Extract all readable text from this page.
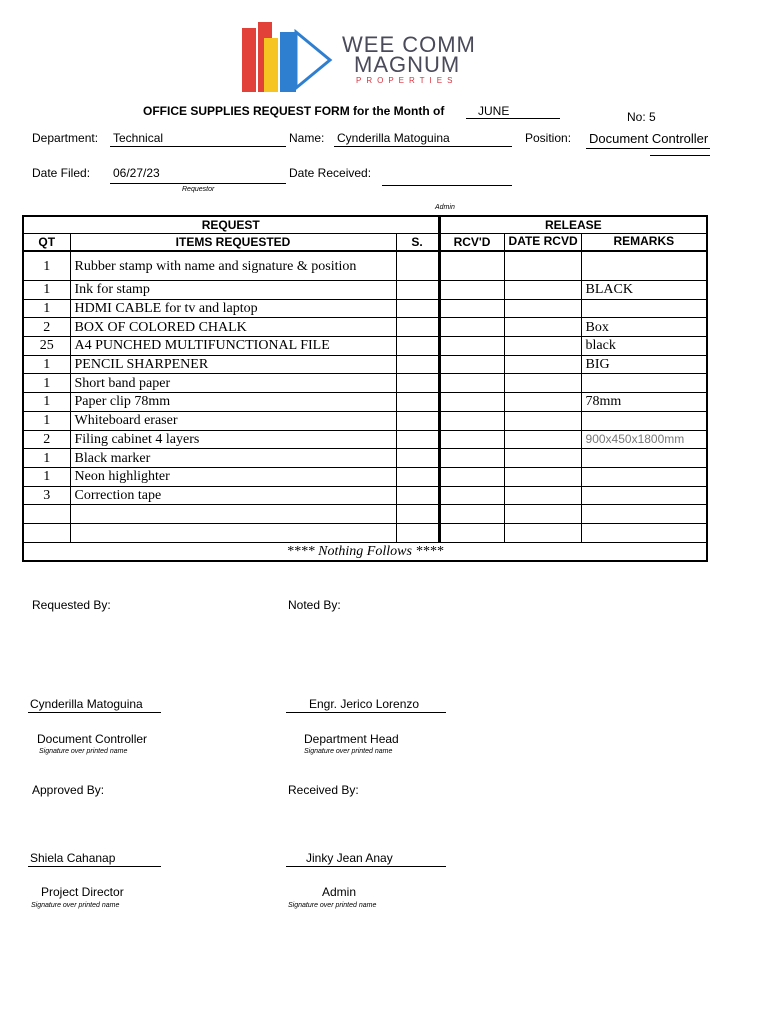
WEE COMM
MAGNUM
PROPERTIES
OFFICE SUPPLIES REQUEST FORM for the Month of	JUNE	No: 5
Department: Technical	Name: Cynderilla Matoguina	Position: Document Controller
Date Filed: 06/27/23
Requestor
Date Received:
Admin
REQUEST			RELEASE		
QT	ITEMS REQUESTED	S.	RCV'D	DATE RCVD	REMARKS
1	Rubber stamp with name and signature & position				
1	Ink for stamp				BLACK
1	HDMI CABLE for tv and laptop				
2	BOX OF COLORED CHALK				Box
25	A4 PUNCHED MULTIFUNCTIONAL FILE				black
1	PENCIL SHARPENER				BIG
1	Short band paper				
1	Paper clip 78mm				78mm
1	Whiteboard eraser				
2	Filing cabinet 4 layers				900x450x1800mm
1	Black marker				
1	Neon highlighter				
3	Correction tape				

**** Nothing Follows ****					
Requested By:	Noted By:
Cynderilla Matoguina	Engr. Jerico Lorenzo
Document Controller
Signature over printed name
Department Head
Signature over printed name
Approved By:	Received By:
Shiela Cahanap	Jinky Jean Anay
Project Director
Signature over printed name
Admin
Signature over printed name
